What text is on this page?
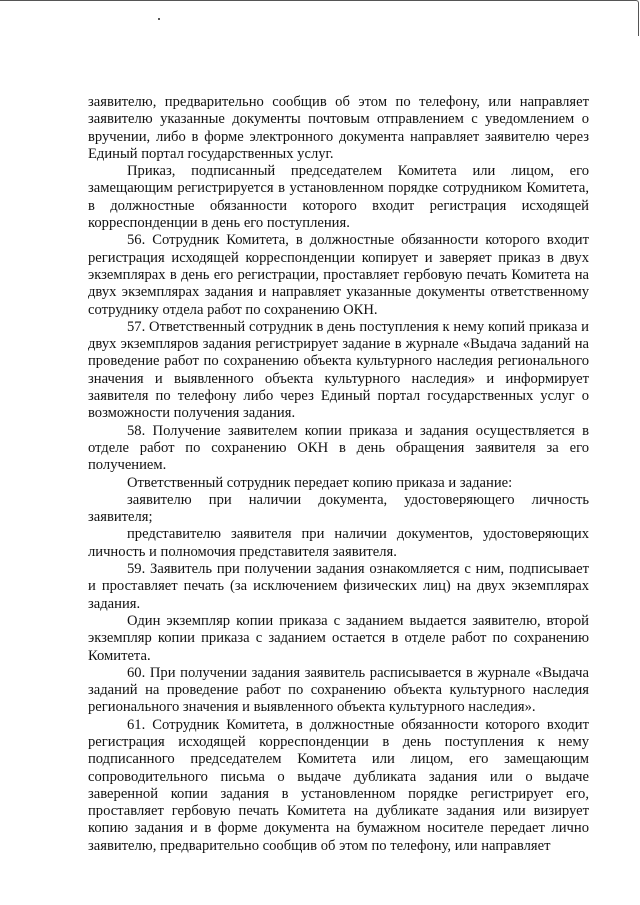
заявителю, предварительно сообщив об этом по телефону, или направляет заявителю указанные документы почтовым отправлением с уведомлением о вручении, либо в форме электронного документа направляет заявителю через Единый портал государственных услуг.

Приказ, подписанный председателем Комитета или лицом, его замещающим регистрируется в установленном порядке сотрудником Комитета, в должностные обязанности которого входит регистрация исходящей корреспонденции в день его поступления.

56. Сотрудник Комитета, в должностные обязанности которого входит регистрация исходящей корреспонденции копирует и заверяет приказ в двух экземплярах в день его регистрации, проставляет гербовую печать Комитета на двух экземплярах задания и направляет указанные документы ответственному сотруднику отдела работ по сохранению ОКН.

57. Ответственный сотрудник в день поступления к нему копий приказа и двух экземпляров задания регистрирует задание в журнале «Выдача заданий на проведение работ по сохранению объекта культурного наследия регионального значения и выявленного объекта культурного наследия» и информирует заявителя по телефону либо через Единый портал государственных услуг о возможности получения задания.

58. Получение заявителем копии приказа и задания осуществляется в отделе работ по сохранению ОКН в день обращения заявителя за его получением.

Ответственный сотрудник передает копию приказа и задание:

заявителю при наличии документа, удостоверяющего личность заявителя;

представителю заявителя при наличии документов, удостоверяющих личность и полномочия представителя заявителя.

59. Заявитель при получении задания ознакомляется с ним, подписывает и проставляет печать (за исключением физических лиц) на двух экземплярах задания.

Один экземпляр копии приказа с заданием выдается заявителю, второй экземпляр копии приказа с заданием остается в отделе работ по сохранению Комитета.

60. При получении задания заявитель расписывается в журнале «Выдача заданий на проведение работ по сохранению объекта культурного наследия регионального значения и выявленного объекта культурного наследия».

61. Сотрудник Комитета, в должностные обязанности которого входит регистрация исходящей корреспонденции в день поступления к нему подписанного председателем Комитета или лицом, его замещающим сопроводительного письма о выдаче дубликата задания или о выдаче заверенной копии задания в установленном порядке регистрирует его, проставляет гербовую печать Комитета на дубликате задания или визирует копию задания и в форме документа на бумажном носителе передает лично заявителю, предварительно сообщив об этом по телефону, или направляет
